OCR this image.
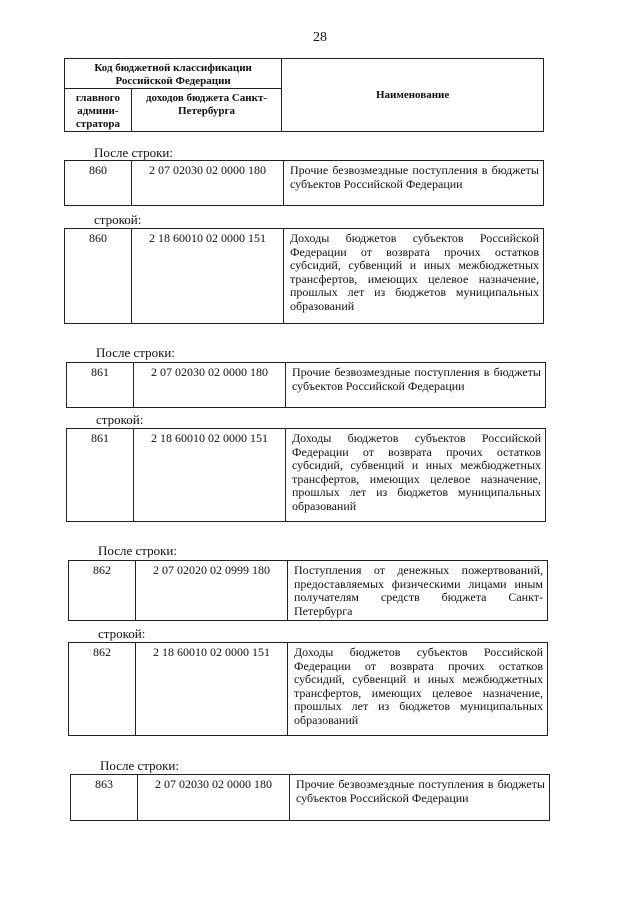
28
Код бюджетной классификации Российской Федерации		Наименование
главного админи-стратора	доходов бюджета Санкт-Петербурга	
После строки:
860	2 07 02030 02 0000 180	Прочие безвозмездные поступления в бюджеты субъектов Российской Федерации
строкой:
860	2 18 60010 02 0000 151	Доходы бюджетов субъектов Российской Федерации от возврата прочих остатков субсидий, субвенций и иных межбюджетных трансфертов, имеющих целевое назначение, прошлых лет из бюджетов муниципальных образований
После строки:
861	2 07 02030 02 0000 180	Прочие безвозмездные поступления в бюджеты субъектов Российской Федерации
строкой:
861	2 18 60010 02 0000 151	Доходы бюджетов субъектов Российской Федерации от возврата прочих остатков субсидий, субвенций и иных межбюджетных трансфертов, имеющих целевое назначение, прошлых лет из бюджетов муниципальных образований
После строки:
862	2 07 02020 02 0999 180	Поступления от денежных пожертвований, предоставляемых физическими лицами иным получателям средств бюджета Санкт-Петербурга
строкой:
862	2 18 60010 02 0000 151	Доходы бюджетов субъектов Российской Федерации от возврата прочих остатков субсидий, субвенций и иных межбюджетных трансфертов, имеющих целевое назначение, прошлых лет из бюджетов муниципальных образований
После строки:
863	2 07 02030 02 0000 180	Прочие безвозмездные поступления в бюджеты субъектов Российской Федерации
